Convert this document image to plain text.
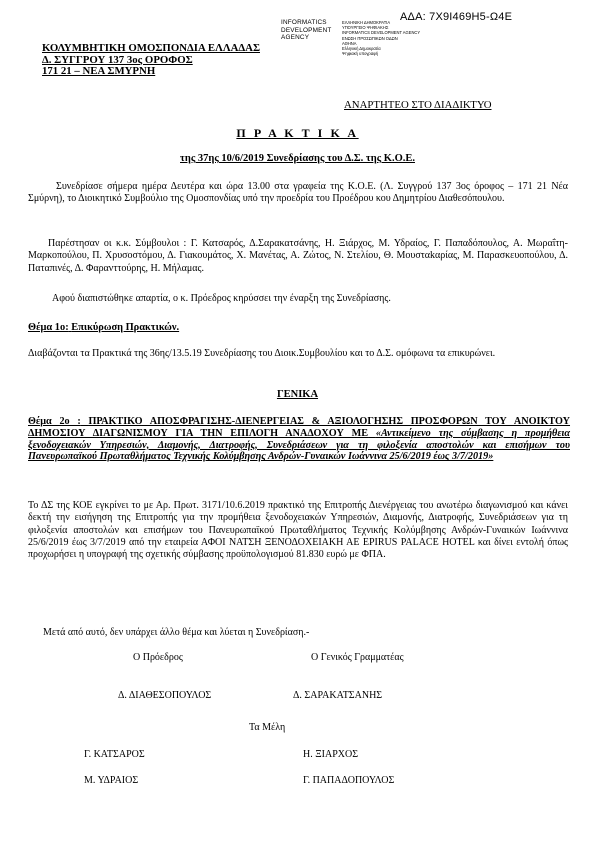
ΑΔΑ: 7Χ9Ι469Η5-Ω4Ε
INFORMATICS
DEVELOPMENT
AGENCY
ΕΛΛΗΝΙΚΗ ΔΗΜΟΚΡΑΤΙΑ
ΥΠΟΥΡΓΕΙΟ ΨΗΦΙΑΚΗΣ
INFORMATICS DEVELOPMENT AGENCY
ΕΝΩΣΗ ΠΡΟΣΩΠΙΚΩΝ ΟΔΩΝ
ΑΘΗΝΑ
Ελληνική Δημοκρατία
Ψηφιακή υπογραφή
ΚΟΛΥΜΒΗΤΙΚΗ ΟΜΟΣΠΟΝΔΙΑ ΕΛΛΑΔΑΣ
Δ. ΣΥΓΓΡΟΥ 137 3ος ΟΡΟΦΟΣ
171 21 – ΝΕΑ ΣΜΥΡΝΗ
ΑΝΑΡΤΗΤΕΟ ΣΤΟ ΔΙΑΔΙΚΤΥΟ
Π Ρ Α Κ Τ Ι Κ Α
της 37ης 10/6/2019 Συνεδρίασης του Δ.Σ. της Κ.Ο.Ε.
Συνεδρίασε σήμερα ημέρα Δευτέρα και ώρα 13.00 στα γραφεία της Κ.Ο.Ε. (Λ. Συγγρού 137 3ος όροφος – 171 21 Νέα Σμύρνη), το Διοικητικό Συμβούλιο της Ομοσπονδίας υπό την προεδρία του Προέδρου κου Δημητρίου Διαθεσόπουλου.
Παρέστησαν οι κ.κ. Σύμβουλοι : Γ. Κατσαρός, Δ.Σαρακατσάνης, Η. Ξιάρχος, Μ. Υδραίος, Γ. Παπαδόπουλος, Α. Μωραΐτη-Μαρκοπούλου, Π. Χρυσοστόμου, Δ. Γιακουμάτος, Χ. Μανέτας, Α. Ζώτος, Ν. Στελίου, Θ. Μουσταkαρίας, Μ. Παρασκευοπούλου, Δ. Παταπινές, Δ. Φαρανττούρης, Η. Μήλαμας.
Αφού διαπιστώθηκε απαρτία, ο κ. Πρόεδρος κηρύσσει την έναρξη της Συνεδρίασης.
Θέμα 1ο: Επικύρωση Πρακτικών.
Διαβάζονται τα Πρακτικά της 36ης/13.5.19 Συνεδρίασης του Διοικ.Συμβουλίου και το Δ.Σ. ομόφωνα τα επικυρώνει.
ΓΕΝΙΚΑ
Θέμα 2ο : ΠΡΑΚΤΙΚΟ ΑΠΟΣΦΡΑΓΙΣΗΣ-ΔΙΕΝΕΡΓΕΙΑΣ & ΑΞΙΟΛΟΓΗΣΗΣ ΠΡΟΣΦΟΡΩΝ ΤΟΥ ΑΝΟΙΚΤΟΥ ΔΗΜΟΣΙΟΥ ΔΙΑΓΩΝΙΣΜΟΥ ΓΙΑ ΤΗΝ ΕΠΙΛΟΓΗ ΑΝΑΔΟΧΟΥ ΜΕ «Αντικείμενο της σύμβασης η προμήθεια ξενοδοχειακών Υπηρεσιών, Διαμονής, Διατροφής, Συνεδριάσεων για τη φιλοξενία αποστολών και επισήμων του Πανευρωπαϊκού Πρωταθλήματος Τεχνικής Κολύμβησης Ανδρών-Γυναικών Ιωάννινα 25/6/2019 έως 3/7/2019»
Το ΔΣ της ΚΟΕ εγκρίνει το με Αρ. Πρωτ. 3171/10.6.2019 πρακτικό της Επιτροπής Διενέργειας του ανωτέρω διαγωνισμού και κάνει δεκτή την εισήγηση της Επιτροπής για την προμήθεια ξενοδοχειακών Υπηρεσιών, Διαμονής, Διατροφής, Συνεδριάσεων για τη φιλοξενία αποστολών και επισήμων του Πανευρωπαϊκού Πρωταθλήματος Τεχνικής Κολύμβησης Ανδρών-Γυναικών Ιωάννινα 25/6/2019 έως 3/7/2019 από την εταιρεία ΑΦΟΙ ΝΑΤΣΗ ΞΕΝΟΔΟΧΕΙΑΚΗ ΑΕ EPIRUS PALACE HOTEL και δίνει εντολή όπως προχωρήσει η υπογραφή της σχετικής σύμβασης προϋπολογισμού 81.830 ευρώ με ΦΠΑ.
Μετά από αυτό, δεν υπάρχει άλλο θέμα και λύεται η Συνεδρίαση.-
Ο Πρόεδρος	Ο Γενικός Γραμματέας
Δ. ΔΙΑΘΕΣΟΠΟΥΛΟΣ	Δ. ΣΑΡΑΚΑΤΣΑΝΗΣ
Τα Μέλη
Γ. ΚΑΤΣΑΡΟΣ	Η. ΞΙΑΡΧΟΣ
Μ. ΥΔΡΑΙΟΣ	Γ. ΠΑΠΑΔΟΠΟΥΛΟΣ
